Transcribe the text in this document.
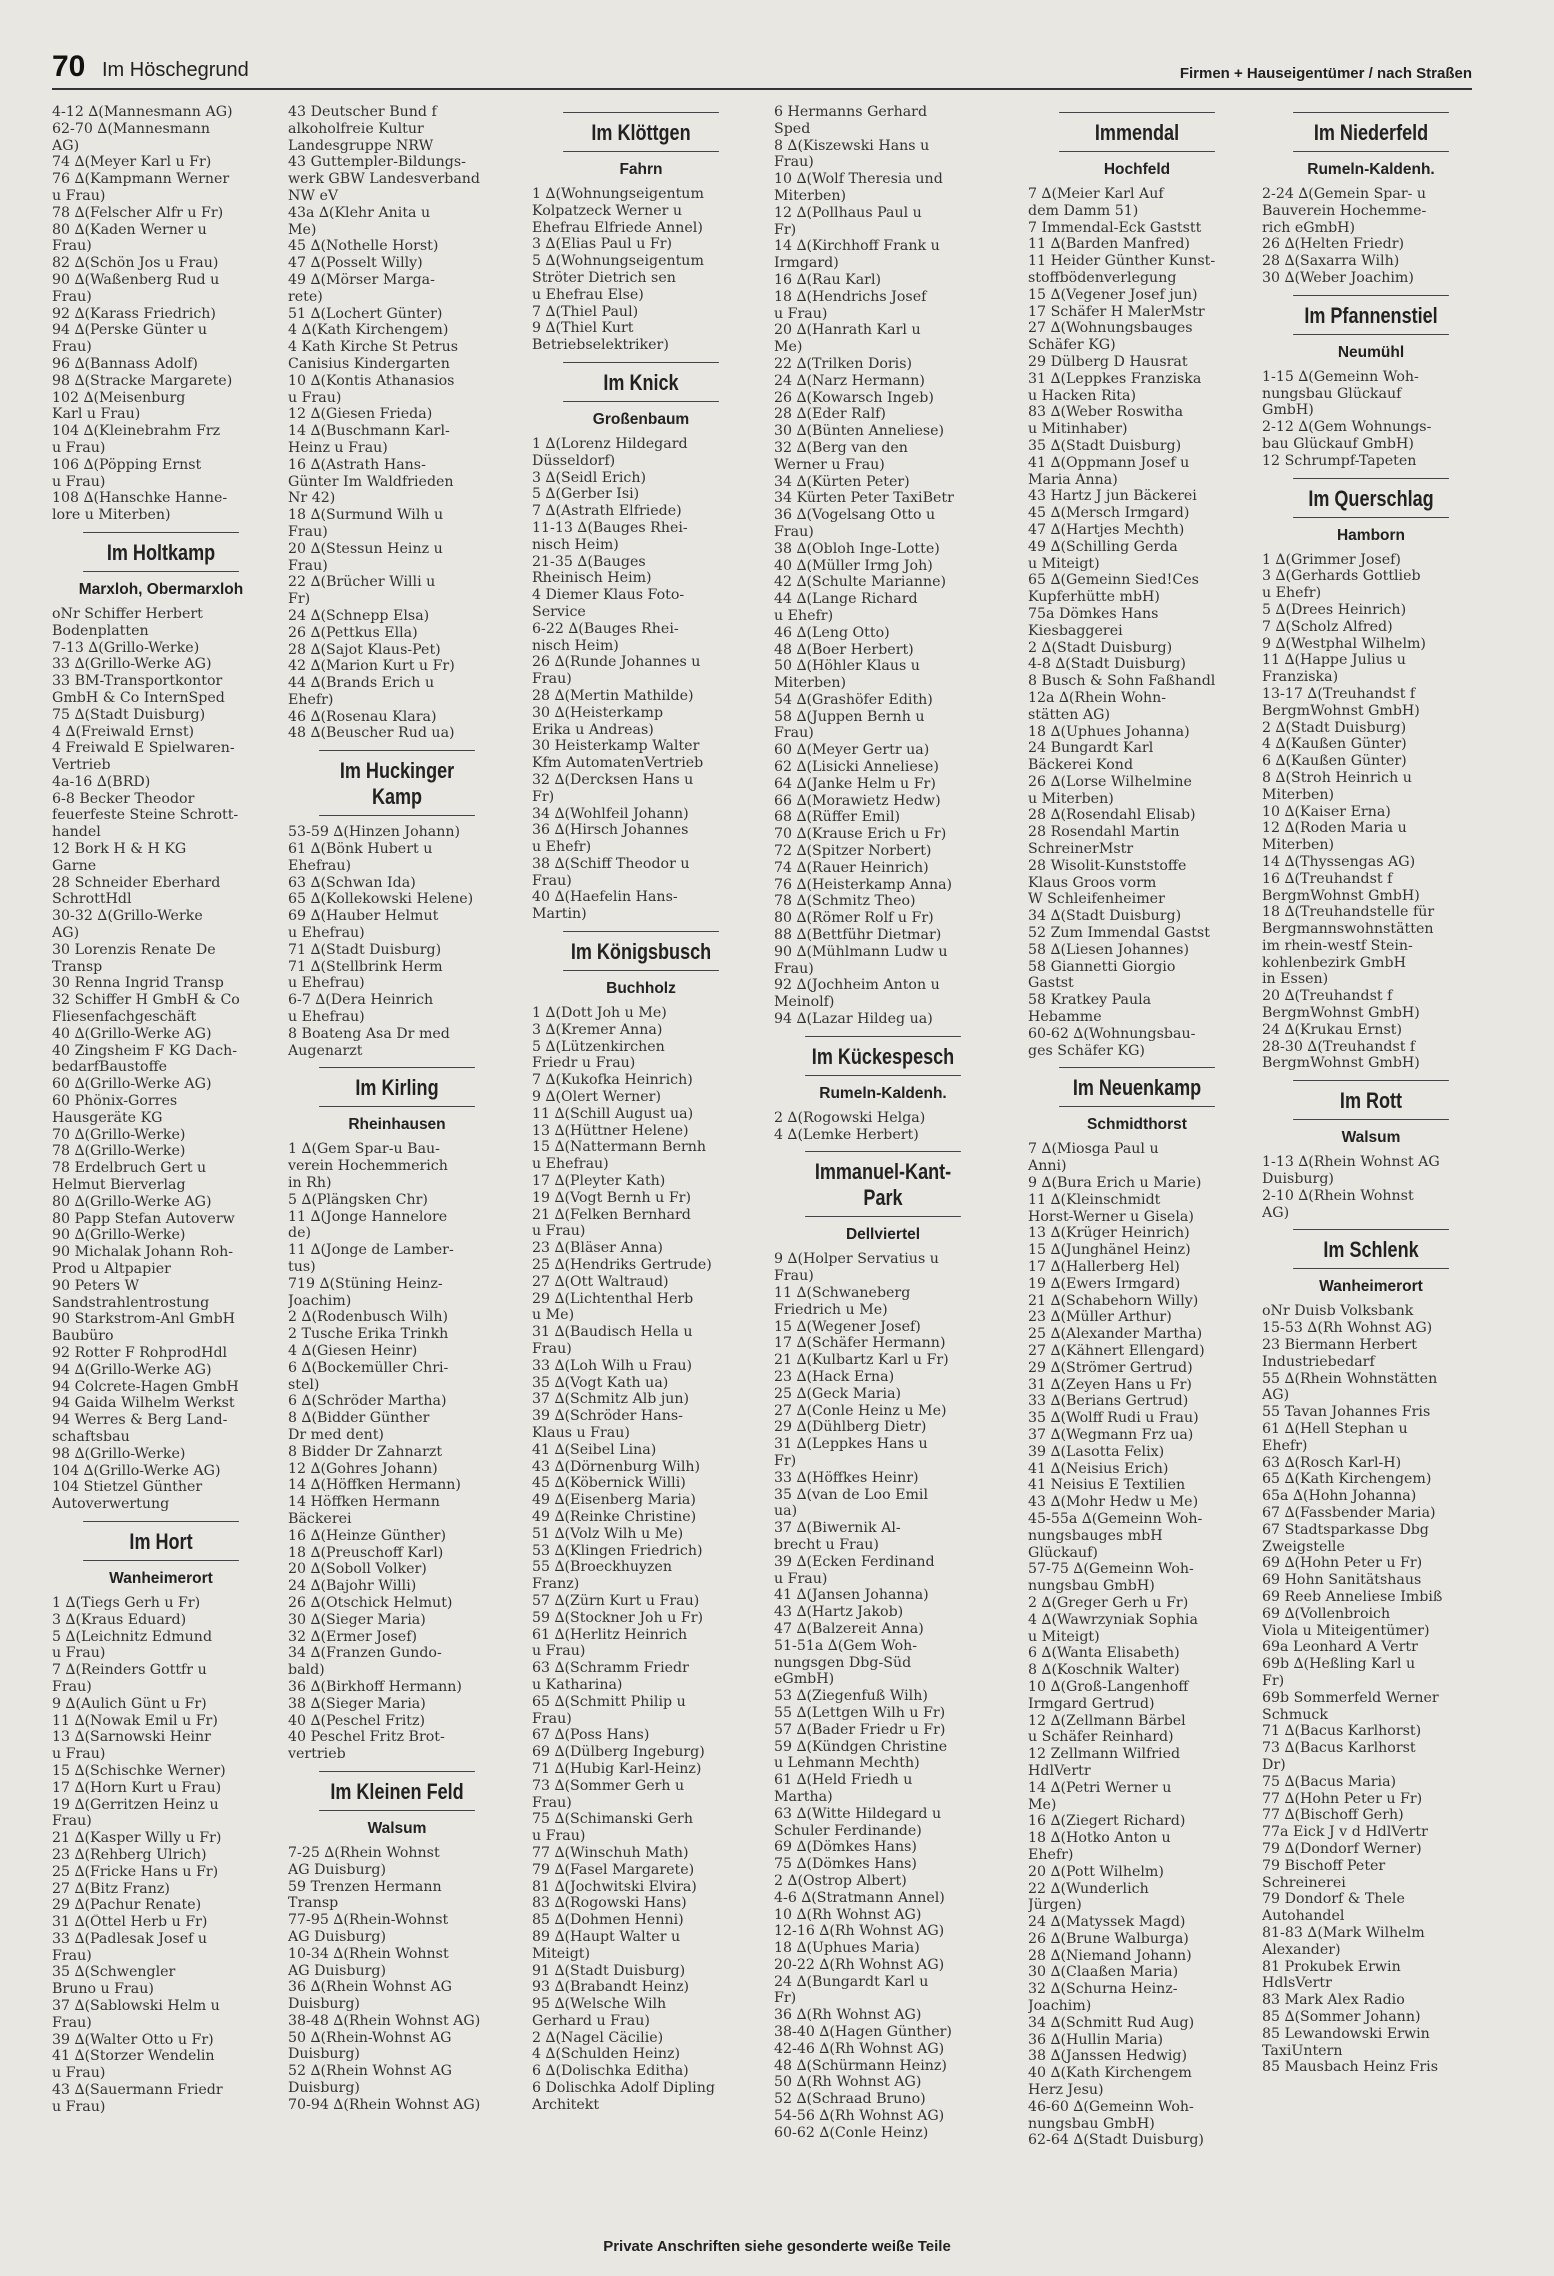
70 Im Höschegrund	Firmen + Hauseigentümer / nach Straßen
4-12 ∆(Mannesmann AG)
62-70 ∆(Mannesmann
AG)
74 ∆(Meyer Karl u Fr)
76 ∆(Kampmann Werner
u Frau)
78 ∆(Felscher Alfr u Fr)
80 ∆(Kaden Werner u
Frau)
82 ∆(Schön Jos u Frau)
90 ∆(Waßenberg Rud u
Frau)
92 ∆(Karass Friedrich)
94 ∆(Perske Günter u
Frau)
96 ∆(Bannass Adolf)
98 ∆(Stracke Margarete)
102 ∆(Meisenburg
Karl u Frau)
104 ∆(Kleinebrahm Frz
u Frau)
106 ∆(Pöpping Ernst
u Frau)
108 ∆(Hanschke Hanne-
lore u Miterben)
Im Holtkamp
Marxloh, Obermarxloh
oNr Schiffer Herbert
Bodenplatten
7-13 ∆(Grillo-Werke)
33 ∆(Grillo-Werke AG)
33 BM-Transportkontor
GmbH & Co InternSped
75 ∆(Stadt Duisburg)
4 ∆(Freiwald Ernst)
4 Freiwald E Spielwaren-
Vertrieb
4a-16 ∆(BRD)
6-8 Becker Theodor
feuerfeste Steine Schrott-
handel
12 Bork H & H KG
Garne
28 Schneider Eberhard
SchrottHdl
30-32 ∆(Grillo-Werke
AG)
30 Lorenzis Renate De
Transp
30 Renna Ingrid Transp
32 Schiffer H GmbH & Co
Fliesenfachgeschäft
40 ∆(Grillo-Werke AG)
40 Zingsheim F KG Dach-
bedarfBaustoffe
60 ∆(Grillo-Werke AG)
60 Phönix-Gorres
Hausgeräte KG
70 ∆(Grillo-Werke)
78 ∆(Grillo-Werke)
78 Erdelbruch Gert u
Helmut Bierverlag
80 ∆(Grillo-Werke AG)
80 Papp Stefan Autoverw
90 ∆(Grillo-Werke)
90 Michalak Johann Roh-
Prod u Altpapier
90 Peters W
Sandstrahlentrostung
90 Starkstrom-Anl GmbH
Baubüro
92 Rotter F RohprodHdl
94 ∆(Grillo-Werke AG)
94 Colcrete-Hagen GmbH
94 Gaida Wilhelm Werkst
94 Werres & Berg Land-
schaftsbau
98 ∆(Grillo-Werke)
104 ∆(Grillo-Werke AG)
104 Stietzel Günther
Autoverwertung
Im Hort
Wanheimerort
1 ∆(Tiegs Gerh u Fr)
3 ∆(Kraus Eduard)
5 ∆(Leichnitz Edmund
u Frau)
7 ∆(Reinders Gottfr u
Frau)
9 ∆(Aulich Günt u Fr)
11 ∆(Nowak Emil u Fr)
13 ∆(Sarnowski Heinr
u Frau)
15 ∆(Schischke Werner)
17 ∆(Horn Kurt u Frau)
19 ∆(Gerritzen Heinz u
Frau)
21 ∆(Kasper Willy u Fr)
23 ∆(Rehberg Ulrich)
25 ∆(Fricke Hans u Fr)
27 ∆(Bitz Franz)
29 ∆(Pachur Renate)
31 ∆(Öttel Herb u Fr)
33 ∆(Padlesak Josef u
Frau)
35 ∆(Schwengler
Bruno u Frau)
37 ∆(Sablowski Helm u
Frau)
39 ∆(Walter Otto u Fr)
41 ∆(Storzer Wendelin
u Frau)
43 ∆(Sauermann Friedr
u Frau)
43 Deutscher Bund f
alkoholfreie Kultur
Landesgruppe NRW
43 Guttempler-Bildungs-
werk GBW Landesverband
NW eV
43a ∆(Klehr Anita u
Me)
45 ∆(Nothelle Horst)
47 ∆(Posselt Willy)
49 ∆(Mörser Marga-
rete)
51 ∆(Lochert Günter)
4 ∆(Kath Kirchengem)
4 Kath Kirche St Petrus
Canisius Kindergarten
10 ∆(Kontis Athanasios
u Frau)
12 ∆(Giesen Frieda)
14 ∆(Buschmann Karl-
Heinz u Frau)
16 ∆(Astrath Hans-
Günter Im Waldfrieden
Nr 42)
18 ∆(Surmund Wilh u
Frau)
20 ∆(Stessun Heinz u
Frau)
22 ∆(Brücher Willi u
Fr)
24 ∆(Schnepp Elsa)
26 ∆(Pettkus Ella)
28 ∆(Sajot Klaus-Pet)
42 ∆(Marion Kurt u Fr)
44 ∆(Brands Erich u
Ehefr)
46 ∆(Rosenau Klara)
48 ∆(Beuscher Rud ua)
Im Huckinger Kamp
53-59 ∆(Hinzen Johann)
61 ∆(Bönk Hubert u
Ehefrau)
63 ∆(Schwan Ida)
65 ∆(Kollekowski Helene)
69 ∆(Hauber Helmut
u Ehefrau)
71 ∆(Stadt Duisburg)
71 ∆(Stellbrink Herm
u Ehefrau)
6-7 ∆(Dera Heinrich
u Ehefrau)
8 Boateng Asa Dr med
Augenarzt
Im Kirling
Rheinhausen
1 ∆(Gem Spar-u Bau-
verein Hochemmerich
in Rh)
5 ∆(Plängsken Chr)
11 ∆(Jonge Hannelore
de)
11 ∆(Jonge de Lamber-
tus)
719 ∆(Stüning Heinz-
Joachim)
2 ∆(Rodenbusch Wilh)
2 Tusche Erika Trinkh
4 ∆(Giesen Heinr)
6 ∆(Bockemüller Chri-
stel)
6 ∆(Schröder Martha)
8 ∆(Bidder Günther
Dr med dent)
8 Bidder Dr Zahnarzt
12 ∆(Gohres Johann)
14 ∆(Höffken Hermann)
14 Höffken Hermann
Bäckerei
16 ∆(Heinze Günther)
18 ∆(Preuschoff Karl)
20 ∆(Soboll Volker)
24 ∆(Bajohr Willi)
26 ∆(Otschick Helmut)
30 ∆(Sieger Maria)
32 ∆(Ermer Josef)
34 ∆(Franzen Gundo-
bald)
36 ∆(Birkhoff Hermann)
38 ∆(Sieger Maria)
40 ∆(Peschel Fritz)
40 Peschel Fritz Brot-
vertrieb
Im Kleinen Feld
Walsum
7-25 ∆(Rhein Wohnst
AG Duisburg)
59 Trenzen Hermann
Transp
77-95 ∆(Rhein-Wohnst
AG Duisburg)
10-34 ∆(Rhein Wohnst
AG Duisburg)
36 ∆(Rhein Wohnst AG
Duisburg)
38-48 ∆(Rhein Wohnst AG)
50 ∆(Rhein-Wohnst AG
Duisburg)
52 ∆(Rhein Wohnst AG
Duisburg)
70-94 ∆(Rhein Wohnst AG)
Im Klöttgen
Fahrn
1 ∆(Wohnungseigentum
Kolpatzeck Werner u
Ehefrau Elfriede Annel)
3 ∆(Elias Paul u Fr)
5 ∆(Wohnungseigentum
Ströter Dietrich sen
u Ehefrau Else)
7 ∆(Thiel Paul)
9 ∆(Thiel Kurt
Betriebselektriker)
Im Knick
Großenbaum
1 ∆(Lorenz Hildegard
Düsseldorf)
3 ∆(Seidl Erich)
5 ∆(Gerber Isi)
7 ∆(Astrath Elfriede)
11-13 ∆(Bauges Rhei-
nisch Heim)
21-35 ∆(Bauges
Rheinisch Heim)
4 Diemer Klaus Foto-
Service
6-22 ∆(Bauges Rhei-
nisch Heim)
26 ∆(Runde Johannes u
Frau)
28 ∆(Mertin Mathilde)
30 ∆(Heisterkamp
Erika u Andreas)
30 Heisterkamp Walter
Kfm AutomatenVertrieb
32 ∆(Dercksen Hans u
Fr)
34 ∆(Wohlfeil Johann)
36 ∆(Hirsch Johannes
u Ehefr)
38 ∆(Schiff Theodor u
Frau)
40 ∆(Haefelin Hans-
Martin)
Im Königsbusch
Buchholz
1 ∆(Dott Joh u Me)
3 ∆(Kremer Anna)
5 ∆(Lützenkirchen
Friedr u Frau)
7 ∆(Kukofka Heinrich)
9 ∆(Olert Werner)
11 ∆(Schill August ua)
13 ∆(Hüttner Helene)
15 ∆(Nattermann Bernh
u Ehefrau)
17 ∆(Pleyter Kath)
19 ∆(Vogt Bernh u Fr)
21 ∆(Felken Bernhard
u Frau)
23 ∆(Bläser Anna)
25 ∆(Hendriks Gertrude)
27 ∆(Ott Waltraud)
29 ∆(Lichtenthal Herb
u Me)
31 ∆(Baudisch Hella u
Frau)
33 ∆(Loh Wilh u Frau)
35 ∆(Vogt Kath ua)
37 ∆(Schmitz Alb jun)
39 ∆(Schröder Hans-
Klaus u Frau)
41 ∆(Seibel Lina)
43 ∆(Dörnenburg Wilh)
45 ∆(Köbernick Willi)
49 ∆(Eisenberg Maria)
49 ∆(Reinke Christine)
51 ∆(Volz Wilh u Me)
53 ∆(Klingen Friedrich)
55 ∆(Broeckhuyzen
Franz)
57 ∆(Zürn Kurt u Frau)
59 ∆(Stockner Joh u Fr)
61 ∆(Herlitz Heinrich
u Frau)
63 ∆(Schramm Friedr
u Katharina)
65 ∆(Schmitt Philip u
Frau)
67 ∆(Poss Hans)
69 ∆(Dülberg Ingeburg)
71 ∆(Hubig Karl-Heinz)
73 ∆(Sommer Gerh u
Frau)
75 ∆(Schimanski Gerh
u Frau)
77 ∆(Winschuh Math)
79 ∆(Fasel Margarete)
81 ∆(Jochwitski Elvira)
83 ∆(Rogowski Hans)
85 ∆(Dohmen Henni)
89 ∆(Haupt Walter u
Miteigt)
91 ∆(Stadt Duisburg)
93 ∆(Brabandt Heinz)
95 ∆(Welsche Wilh
Gerhard u Frau)
2 ∆(Nagel Cäcilie)
4 ∆(Schulden Heinz)
6 ∆(Dolischka Editha)
6 Dolischka Adolf Dipling
Architekt
6 Hermanns Gerhard
Sped
8 ∆(Kiszewski Hans u
Frau)
10 ∆(Wolf Theresia und
Miterben)
12 ∆(Pollhaus Paul u
Fr)
14 ∆(Kirchhoff Frank u
Irmgard)
16 ∆(Rau Karl)
18 ∆(Hendrichs Josef
u Frau)
20 ∆(Hanrath Karl u
Me)
22 ∆(Trilken Doris)
24 ∆(Narz Hermann)
26 ∆(Kowarsch Ingeb)
28 ∆(Eder Ralf)
30 ∆(Bünten Anneliese)
32 ∆(Berg van den
Werner u Frau)
34 ∆(Kürten Peter)
34 Kürten Peter TaxiBetr
36 ∆(Vogelsang Otto u
Frau)
38 ∆(Obloh Inge-Lotte)
40 ∆(Müller Irmg Joh)
42 ∆(Schulte Marianne)
44 ∆(Lange Richard
u Ehefr)
46 ∆(Leng Otto)
48 ∆(Boer Herbert)
50 ∆(Höhler Klaus u
Miterben)
54 ∆(Grashöfer Edith)
58 ∆(Juppen Bernh u
Frau)
60 ∆(Meyer Gertr ua)
62 ∆(Lisicki Anneliese)
64 ∆(Janke Helm u Fr)
66 ∆(Morawietz Hedw)
68 ∆(Rüffer Emil)
70 ∆(Krause Erich u Fr)
72 ∆(Spitzer Norbert)
74 ∆(Rauer Heinrich)
76 ∆(Heisterkamp Anna)
78 ∆(Schmitz Theo)
80 ∆(Römer Rolf u Fr)
88 ∆(Bettführ Dietmar)
90 ∆(Mühlmann Ludw u
Frau)
92 ∆(Jochheim Anton u
Meinolf)
94 ∆(Lazar Hildeg ua)
Im Kückespesch
Rumeln-Kaldenh.
2 ∆(Rogowski Helga)
4 ∆(Lemke Herbert)
Immanuel-Kant-Park
Dellviertel
9 ∆(Holper Servatius u
Frau)
11 ∆(Schwaneberg
Friedrich u Me)
15 ∆(Wegener Josef)
17 ∆(Schäfer Hermann)
21 ∆(Kulbartz Karl u Fr)
23 ∆(Hack Erna)
25 ∆(Geck Maria)
27 ∆(Conle Heinz u Me)
29 ∆(Dühlberg Dietr)
31 ∆(Leppkes Hans u
Fr)
33 ∆(Höffkes Heinr)
35 ∆(van de Loo Emil
ua)
37 ∆(Biwernik Al-
brecht u Frau)
39 ∆(Ecken Ferdinand
u Frau)
41 ∆(Jansen Johanna)
43 ∆(Hartz Jakob)
47 ∆(Balzereit Anna)
51-51a ∆(Gem Woh-
nungsgen Dbg-Süd
eGmbH)
53 ∆(Ziegenfuß Wilh)
55 ∆(Lettgen Wilh u Fr)
57 ∆(Bader Friedr u Fr)
59 ∆(Kündgen Christine
u Lehmann Mechth)
61 ∆(Held Friedh u
Martha)
63 ∆(Witte Hildegard u
Schuler Ferdinande)
69 ∆(Dömkes Hans)
75 ∆(Dömkes Hans)
2 ∆(Ostrop Albert)
4-6 ∆(Stratmann Annel)
10 ∆(Rh Wohnst AG)
12-16 ∆(Rh Wohnst AG)
18 ∆(Uphues Maria)
20-22 ∆(Rh Wohnst AG)
24 ∆(Bungardt Karl u
Fr)
36 ∆(Rh Wohnst AG)
38-40 ∆(Hagen Günther)
42-46 ∆(Rh Wohnst AG)
48 ∆(Schürmann Heinz)
50 ∆(Rh Wohnst AG)
52 ∆(Schraad Bruno)
54-56 ∆(Rh Wohnst AG)
60-62 ∆(Conle Heinz)
Immendal
Hochfeld
7 ∆(Meier Karl Auf
dem Damm 51)
7 Immendal-Eck Gaststt
11 ∆(Barden Manfred)
11 Heider Günther Kunst-
stoffbödenverlegung
15 ∆(Vegener Josef jun)
17 Schäfer H MalerMstr
27 ∆(Wohnungsbauges
Schäfer KG)
29 Dülberg D Hausrat
31 ∆(Leppkes Franziska
u Hacken Rita)
83 ∆(Weber Roswitha
u Mitinhaber)
35 ∆(Stadt Duisburg)
41 ∆(Oppmann Josef u
Maria Anna)
43 Hartz J jun Bäckerei
45 ∆(Mersch Irmgard)
47 ∆(Hartjes Mechth)
49 ∆(Schilling Gerda
u Miteigt)
65 ∆(Gemeinn Sied!Ces
Kupferhütte mbH)
75a Dömkes Hans
Kiesbaggerei
2 ∆(Stadt Duisburg)
4-8 ∆(Stadt Duisburg)
8 Busch & Sohn Faßhandl
12a ∆(Rhein Wohn-
stätten AG)
18 ∆(Uphues Johanna)
24 Bungardt Karl
Bäckerei Kond
26 ∆(Lorse Wilhelmine
u Miterben)
28 ∆(Rosendahl Elisab)
28 Rosendahl Martin
SchreinerMstr
28 Wisolit-Kunststoffe
Klaus Groos vorm
W Schleifenheimer
34 ∆(Stadt Duisburg)
52 Zum Immendal Gastst
58 ∆(Liesen Johannes)
58 Giannetti Giorgio
Gastst
58 Kratkey Paula
Hebamme
60-62 ∆(Wohnungsbau-
ges Schäfer KG)
Im Neuenkamp
Schmidthorst
7 ∆(Miosga Paul u
Anni)
9 ∆(Bura Erich u Marie)
11 ∆(Kleinschmidt
Horst-Werner u Gisela)
13 ∆(Krüger Heinrich)
15 ∆(Junghänel Heinz)
17 ∆(Hallerberg Hel)
19 ∆(Ewers Irmgard)
21 ∆(Schabehorn Willy)
23 ∆(Müller Arthur)
25 ∆(Alexander Martha)
27 ∆(Kähnert Ellengard)
29 ∆(Strömer Gertrud)
31 ∆(Zeyen Hans u Fr)
33 ∆(Berians Gertrud)
35 ∆(Wolff Rudi u Frau)
37 ∆(Wegmann Frz ua)
39 ∆(Lasotta Felix)
41 ∆(Neisius Erich)
41 Neisius E Textilien
43 ∆(Mohr Hedw u Me)
45-55a ∆(Gemeinn Woh-
nungsbauges mbH
Glückauf)
57-75 ∆(Gemeinn Woh-
nungsbau GmbH)
2 ∆(Greger Gerh u Fr)
4 ∆(Wawrzyniak Sophia
u Miteigt)
6 ∆(Wanta Elisabeth)
8 ∆(Koschnik Walter)
10 ∆(Groß-Langenhoff
Irmgard Gertrud)
12 ∆(Zellmann Bärbel
u Schäfer Reinhard)
12 Zellmann Wilfried
HdlVertr
14 ∆(Petri Werner u
Me)
16 ∆(Ziegert Richard)
18 ∆(Hotko Anton u
Ehefr)
20 ∆(Pott Wilhelm)
22 ∆(Wunderlich
Jürgen)
24 ∆(Matyssek Magd)
26 ∆(Brune Walburga)
28 ∆(Niemand Johann)
30 ∆(Claaßen Maria)
32 ∆(Schurna Heinz-
Joachim)
34 ∆(Schmitt Rud Aug)
36 ∆(Hullin Maria)
38 ∆(Janssen Hedwig)
40 ∆(Kath Kirchengem
Herz Jesu)
46-60 ∆(Gemeinn Woh-
nungsbau GmbH)
62-64 ∆(Stadt Duisburg)
Im Niederfeld
Rumeln-Kaldenh.
2-24 ∆(Gemein Spar- u
Bauverein Hochemme-
rich eGmbH)
26 ∆(Helten Friedr)
28 ∆(Saxarra Wilh)
30 ∆(Weber Joachim)
Im Pfannenstiel
Neumühl
1-15 ∆(Gemeinn Woh-
nungsbau Glückauf
GmbH)
2-12 ∆(Gem Wohnungs-
bau Glückauf GmbH)
12 Schrumpf-Tapeten
Im Querschlag
Hamborn
1 ∆(Grimmer Josef)
3 ∆(Gerhards Gottlieb
u Ehefr)
5 ∆(Drees Heinrich)
7 ∆(Scholz Alfred)
9 ∆(Westphal Wilhelm)
11 ∆(Happe Julius u
Franziska)
13-17 ∆(Treuhandst f
BergmWohnst GmbH)
2 ∆(Stadt Duisburg)
4 ∆(Kaußen Günter)
6 ∆(Kaußen Günter)
8 ∆(Stroh Heinrich u
Miterben)
10 ∆(Kaiser Erna)
12 ∆(Roden Maria u
Miterben)
14 ∆(Thyssengas AG)
16 ∆(Treuhandst f
BergmWohnst GmbH)
18 ∆(Treuhandstelle für
Bergmannswohnstätten
im rhein-westf Stein-
kohlenbezirk GmbH
in Essen)
20 ∆(Treuhandst f
BergmWohnst GmbH)
24 ∆(Krukau Ernst)
28-30 ∆(Treuhandst f
BergmWohnst GmbH)
Im Rott
Walsum
1-13 ∆(Rhein Wohnst AG
Duisburg)
2-10 ∆(Rhein Wohnst
AG)
Im Schlenk
Wanheimerort
oNr Duisb Volksbank
15-53 ∆(Rh Wohnst AG)
23 Biermann Herbert
Industriebedarf
55 ∆(Rhein Wohnstätten
AG)
55 Tavan Johannes Fris
61 ∆(Hell Stephan u
Ehefr)
63 ∆(Rosch Karl-H)
65 ∆(Kath Kirchengem)
65a ∆(Hohn Johanna)
67 ∆(Fassbender Maria)
67 Stadtsparkasse Dbg
Zweigstelle
69 ∆(Hohn Peter u Fr)
69 Hohn Sanitätshaus
69 Reeb Anneliese Imbiß
69 ∆(Vollenbroich
Viola u Miteigentümer)
69a Leonhard A Vertr
69b ∆(Heßling Karl u
Fr)
69b Sommerfeld Werner
Schmuck
71 ∆(Bacus Karlhorst)
73 ∆(Bacus Karlhorst
Dr)
75 ∆(Bacus Maria)
77 ∆(Hohn Peter u Fr)
77 ∆(Bischoff Gerh)
77a Eick J v d HdlVertr
79 ∆(Dondorf Werner)
79 Bischoff Peter
Schreinerei
79 Dondorf & Thele
Autohandel
81-83 ∆(Mark Wilhelm
Alexander)
81 Prokubek Erwin
HdlsVertr
83 Mark Alex Radio
85 ∆(Sommer Johann)
85 Lewandowski Erwin
TaxiUntern
85 Mausbach Heinz Fris
Private Anschriften siehe gesonderte weiße Teile
